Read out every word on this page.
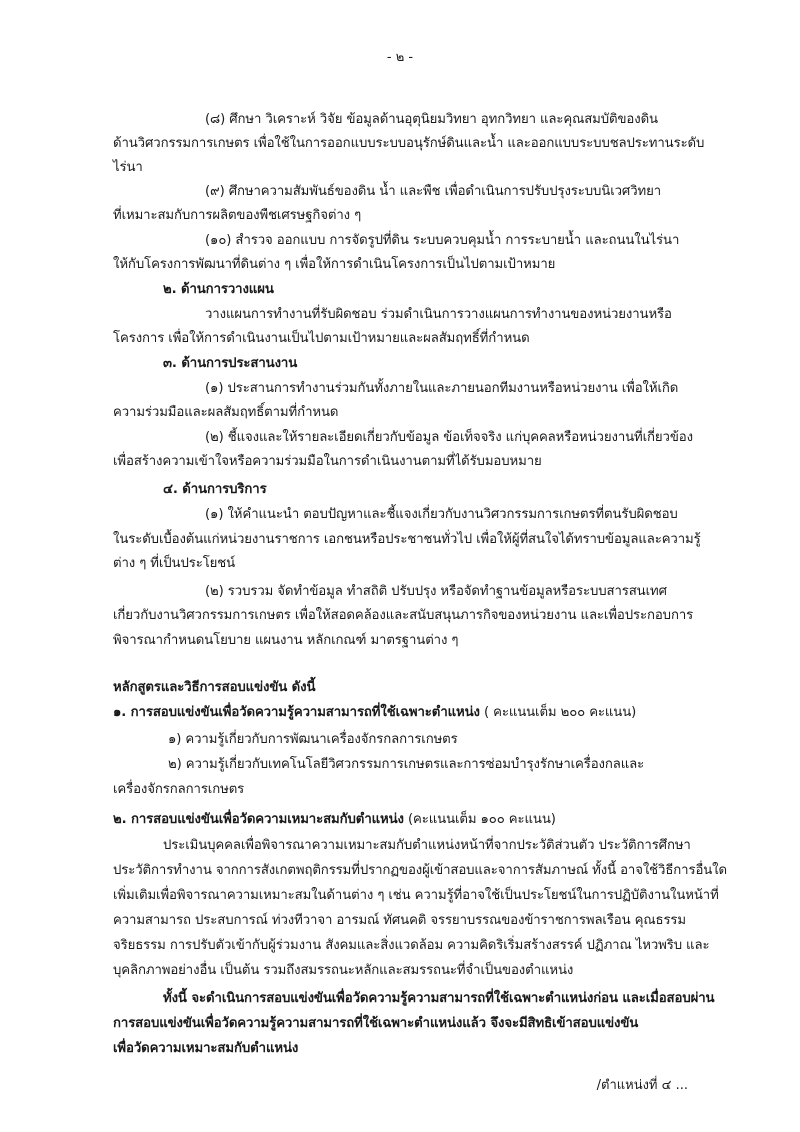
- ๒ -
(๘) ศึกษา วิเคราะห์ วิจัย ข้อมูลด้านอุตุนิยมวิทยา อุทกวิทยา และคุณสมบัติของดิน
ด้านวิศวกรรมการเกษตร เพื่อใช้ในการออกแบบระบบอนุรักษ์ดินและน้ำ และออกแบบระบบชลประทานระดับ
ไร่นา
(๙) ศึกษาความสัมพันธ์ของดิน น้ำ และพืช เพื่อดำเนินการปรับปรุงระบบนิเวศวิทยา
ที่เหมาะสมกับการผลิตของพืชเศรษฐกิจต่าง ๆ
(๑๐) สำรวจ ออกแบบ การจัดรูปที่ดิน ระบบควบคุมน้ำ การระบายน้ำ และถนนในไร่นา
ให้กับโครงการพัฒนาที่ดินต่าง ๆ เพื่อให้การดำเนินโครงการเป็นไปตามเป้าหมาย
๒. ด้านการวางแผน
วางแผนการทำงานที่รับผิดชอบ ร่วมดำเนินการวางแผนการทำงานของหน่วยงานหรือ
โครงการ เพื่อให้การดำเนินงานเป็นไปตามเป้าหมายและผลสัมฤทธิ์ที่กำหนด
๓. ด้านการประสานงาน
(๑) ประสานการทำงานร่วมกันทั้งภายในและภายนอกทีมงานหรือหน่วยงาน เพื่อให้เกิด
ความร่วมมือและผลสัมฤทธิ์ตามที่กำหนด
(๒) ชี้แจงและให้รายละเอียดเกี่ยวกับข้อมูล ข้อเท็จจริง แก่บุคคลหรือหน่วยงานที่เกี่ยวข้อง
เพื่อสร้างความเข้าใจหรือความร่วมมือในการดำเนินงานตามที่ได้รับมอบหมาย
๔. ด้านการบริการ
(๑) ให้คำแนะนำ ตอบปัญหาและชี้แจงเกี่ยวกับงานวิศวกรรมการเกษตรที่ตนรับผิดชอบ
ในระดับเบื้องต้นแก่หน่วยงานราชการ เอกชนหรือประชาชนทั่วไป เพื่อให้ผู้ที่สนใจได้ทราบข้อมูลและความรู้
ต่าง ๆ ที่เป็นประโยชน์
(๒) รวบรวม จัดทำข้อมูล ทำสถิติ ปรับปรุง หรือจัดทำฐานข้อมูลหรือระบบสารสนเทศ
เกี่ยวกับงานวิศวกรรมการเกษตร เพื่อให้สอดคล้องและสนับสนุนภารกิจของหน่วยงาน และเพื่อประกอบการ
พิจารณากำหนดนโยบาย แผนงาน หลักเกณฑ์ มาตรฐานต่าง ๆ
หลักสูตรและวิธีการสอบแข่งขัน ดังนี้
๑. การสอบแข่งขันเพื่อวัดความรู้ความสามารถที่ใช้เฉพาะตำแหน่ง ( คะแนนเต็ม ๒๐๐ คะแนน)
๑) ความรู้เกี่ยวกับการพัฒนาเครื่องจักรกลการเกษตร
๒) ความรู้เกี่ยวกับเทคโนโลยีวิศวกรรมการเกษตรและการซ่อมบำรุงรักษาเครื่องกลและ
เครื่องจักรกลการเกษตร
๒. การสอบแข่งขันเพื่อวัดความเหมาะสมกับตำแหน่ง (คะแนนเต็ม ๑๐๐ คะแนน)
ประเมินบุคคลเพื่อพิจารณาความเหมาะสมกับตำแหน่งหน้าที่จากประวัติส่วนตัว ประวัติการศึกษา
ประวัติการทำงาน จากการสังเกตพฤติกรรมที่ปรากฏของผู้เข้าสอบและจาการสัมภาษณ์ ทั้งนี้ อาจใช้วิธีการอื่นใด
เพิ่มเติมเพื่อพิจารณาความเหมาะสมในด้านต่าง ๆ เช่น ความรู้ที่อาจใช้เป็นประโยชน์ในการปฏิบัติงานในหน้าที่
ความสามารถ ประสบการณ์ ท่วงทีวาจา อารมณ์ ทัศนคติ จรรยาบรรณของข้าราชการพลเรือน คุณธรรม
จริยธรรม การปรับตัวเข้ากับผู้ร่วมงาน สังคมและสิ่งแวดล้อม ความคิดริเริ่มสร้างสรรค์ ปฏิภาณ ไหวพริบ และ
บุคลิกภาพอย่างอื่น เป็นต้น รวมถึงสมรรถนะหลักและสมรรถนะที่จำเป็นของตำแหน่ง
ทั้งนี้ จะดำเนินการสอบแข่งขันเพื่อวัดความรู้ความสามารถที่ใช้เฉพาะตำแหน่งก่อน และเมื่อสอบผ่าน
การสอบแข่งขันเพื่อวัดความรู้ความสามารถที่ใช้เฉพาะตำแหน่งแล้ว จึงจะมีสิทธิเข้าสอบแข่งขัน
เพื่อวัดความเหมาะสมกับตำแหน่ง
/ตำแหน่งที่ ๔ ...
